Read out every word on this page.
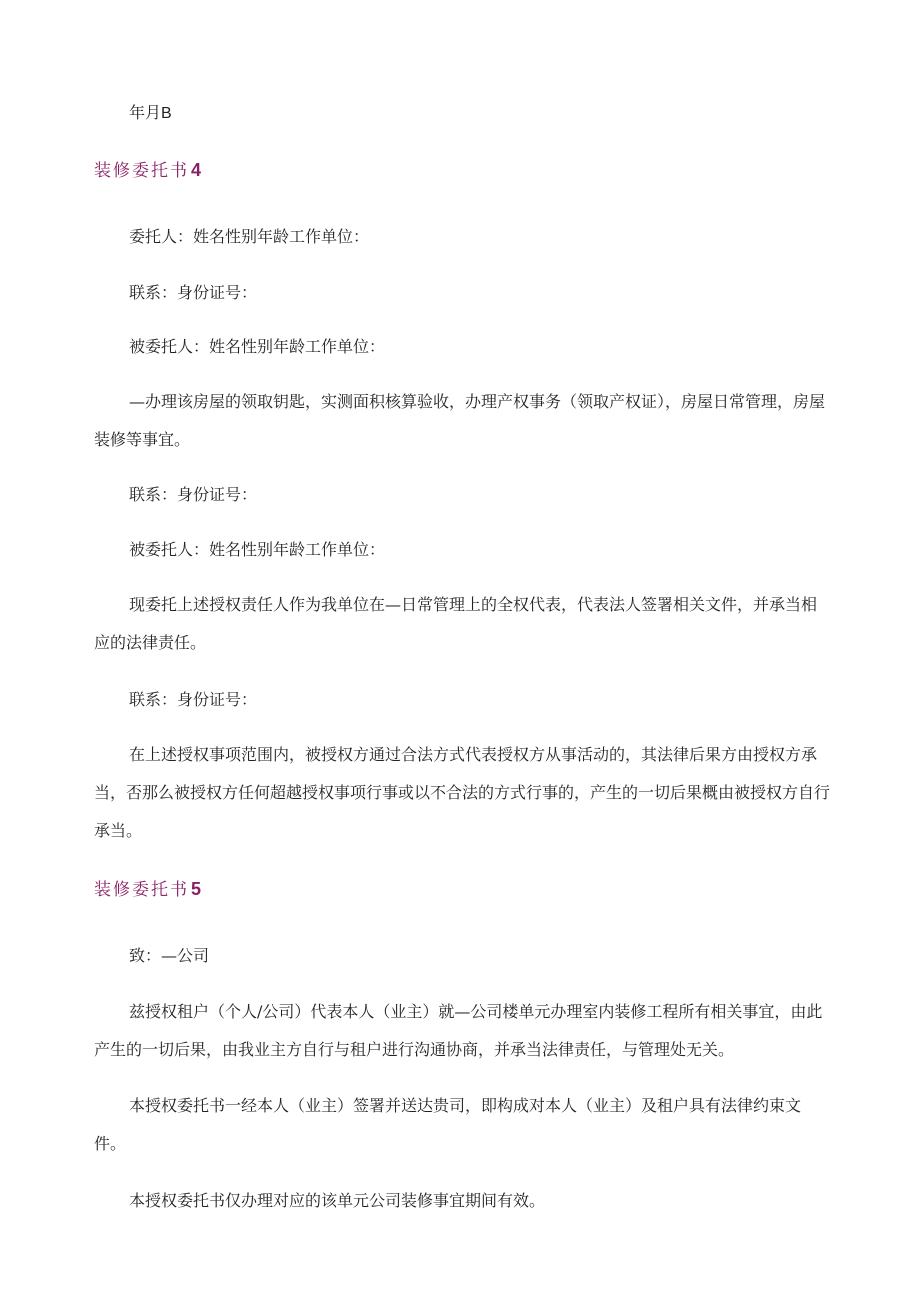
年月B
装修委托书 4
委托人：姓名性别年龄工作单位：
联系：身份证号：
被委托人：姓名性别年龄工作单位：
—办理该房屋的领取钥匙，实测面积核算验收，办理产权事务（领取产权证），房屋日常管理，房屋装修等事宜。
联系：身份证号：
被委托人：姓名性别年龄工作单位：
现委托上述授权责任人作为我单位在—日常管理上的全权代表，代表法人签署相关文件，并承当相应的法律责任。
联系：身份证号：
在上述授权事项范围内，被授权方通过合法方式代表授权方从事活动的，其法律后果方由授权方承当，否那么被授权方任何超越授权事项行事或以不合法的方式行事的，产生的一切后果概由被授权方自行承当。
装修委托书 5
致：—公司
兹授权租户（个人/公司）代表本人（业主）就—公司楼单元办理室内装修工程所有相关事宜，由此产生的一切后果，由我业主方自行与租户进行沟通协商，并承当法律责任，与管理处无关。
本授权委托书一经本人（业主）签署并送达贵司，即构成对本人（业主）及租户具有法律约束文件。
本授权委托书仅办理对应的该单元公司装修事宜期间有效。
